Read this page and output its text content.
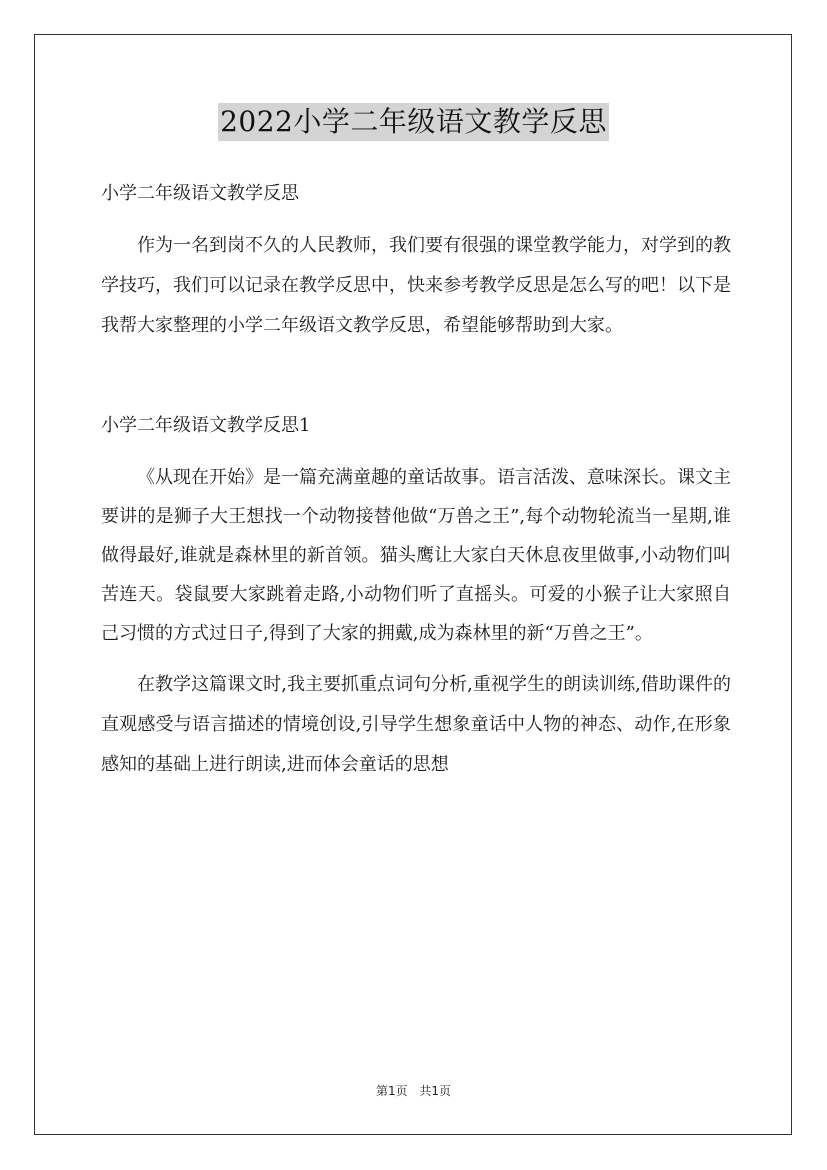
2022小学二年级语文教学反思

小学二年级语文教学反思

作为一名到岗不久的人民教师，我们要有很强的课堂教学能力，对学到的教学技巧，我们可以记录在教学反思中，快来参考教学反思是怎么写的吧！以下是我帮大家整理的小学二年级语文教学反思，希望能够帮助到大家。

小学二年级语文教学反思1

《从现在开始》是一篇充满童趣的童话故事。语言活泼、意味深长。课文主要讲的是狮子大王想找一个动物接替他做“万兽之王”,每个动物轮流当一星期,谁做得最好,谁就是森林里的新首领。猫头鹰让大家白天休息夜里做事,小动物们叫苦连天。袋鼠要大家跳着走路,小动物们听了直摇头。可爱的小猴子让大家照自己习惯的方式过日子,得到了大家的拥戴,成为森林里的新“万兽之王”。

在教学这篇课文时,我主要抓重点词句分析,重视学生的朗读训练,借助课件的直观感受与语言描述的情境创设,引导学生想象童话中人物的神态、动作,在形象感知的基础上进行朗读,进而体会童话的思想

第1页 共1页
